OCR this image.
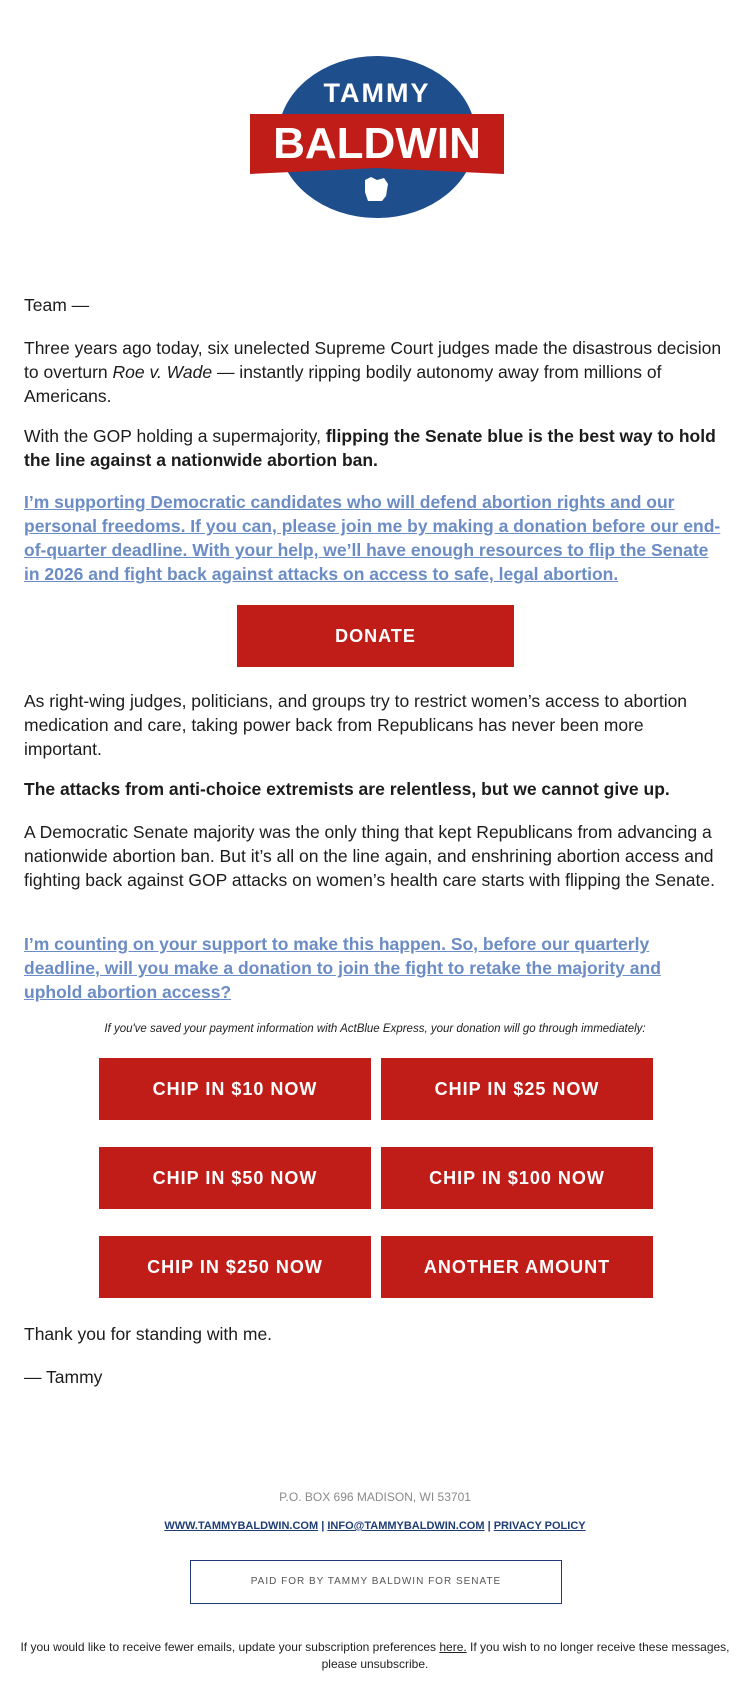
TAMMY
BALDWIN

Team —

Three years ago today, six unelected Supreme Court judges made the disastrous decision to overturn Roe v. Wade — instantly ripping bodily autonomy away from millions of Americans.

With the GOP holding a supermajority, flipping the Senate blue is the best way to hold the line against a nationwide abortion ban.

I’m supporting Democratic candidates who will defend abortion rights and our personal freedoms. If you can, please join me by making a donation before our end-of-quarter deadline. With your help, we’ll have enough resources to flip the Senate in 2026 and fight back against attacks on access to safe, legal abortion.

DONATE

As right-wing judges, politicians, and groups try to restrict women’s access to abortion medication and care, taking power back from Republicans has never been more important.

The attacks from anti-choice extremists are relentless, but we cannot give up.

A Democratic Senate majority was the only thing that kept Republicans from advancing a nationwide abortion ban. But it’s all on the line again, and enshrining abortion access and fighting back against GOP attacks on women’s health care starts with flipping the Senate.

I’m counting on your support to make this happen. So, before our quarterly deadline, will you make a donation to join the fight to retake the majority and uphold abortion access?

If you've saved your payment information with ActBlue Express, your donation will go through immediately:
CHIP IN $10 NOW	CHIP IN $25 NOW
CHIP IN $50 NOW	CHIP IN $100 NOW
CHIP IN $250 NOW	ANOTHER AMOUNT

Thank you for standing with me.

— Tammy

P.O. BOX 696 MADISON, WI 53701
WWW.TAMMYBALDWIN.COM | INFO@TAMMYBALDWIN.COM | PRIVACY POLICY
PAID FOR BY TAMMY BALDWIN FOR SENATE
If you would like to receive fewer emails, update your subscription preferences here. If you wish to no longer receive these messages, please unsubscribe.
